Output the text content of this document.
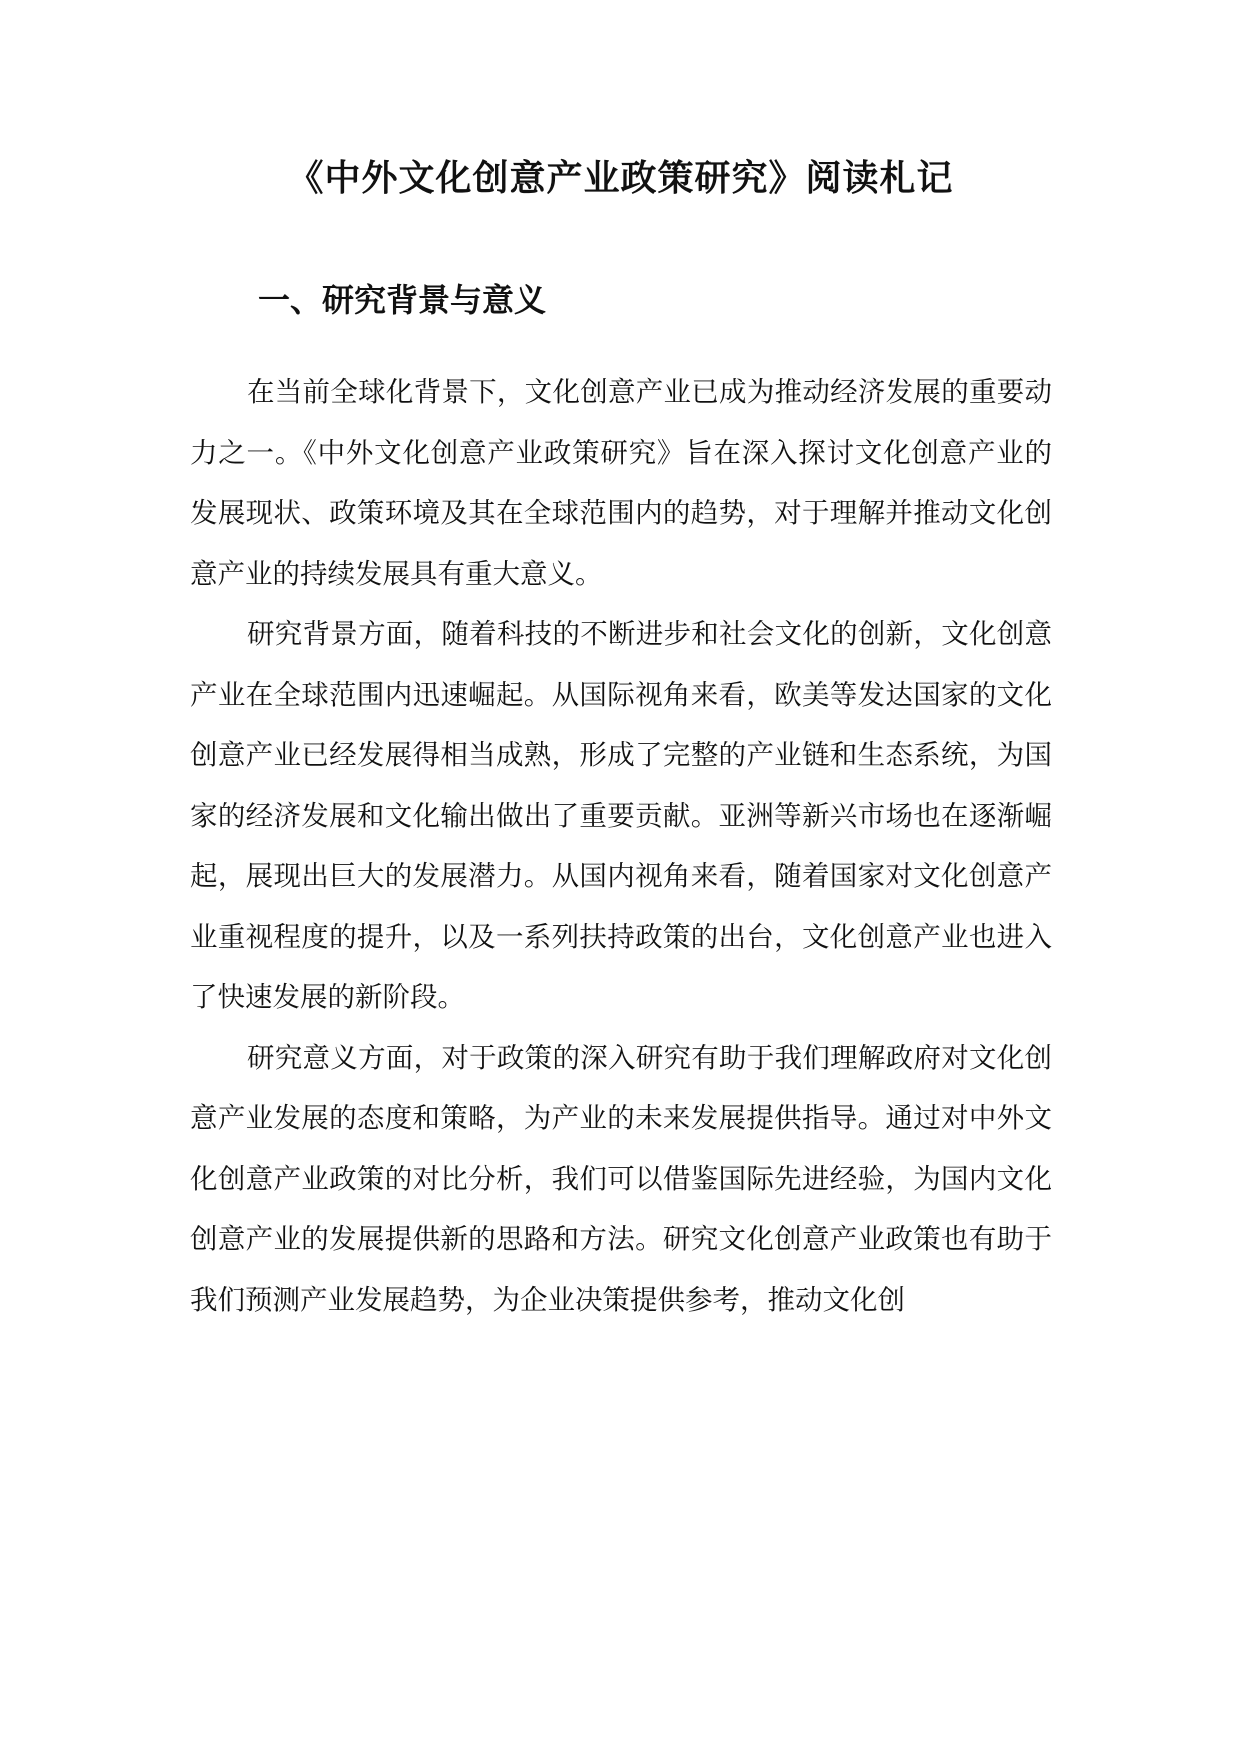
《中外文化创意产业政策研究》阅读札记
一、研究背景与意义

在当前全球化背景下，文化创意产业已成为推动经济发展的重要动力之一。《中外文化创意产业政策研究》旨在深入探讨文化创意产业的发展现状、政策环境及其在全球范围内的趋势，对于理解并推动文化创意产业的持续发展具有重大意义。

研究背景方面，随着科技的不断进步和社会文化的创新，文化创意产业在全球范围内迅速崛起。从国际视角来看，欧美等发达国家的文化创意产业已经发展得相当成熟，形成了完整的产业链和生态系统，为国家的经济发展和文化输出做出了重要贡献。亚洲等新兴市场也在逐渐崛起，展现出巨大的发展潜力。从国内视角来看，随着国家对文化创意产业重视程度的提升，以及一系列扶持政策的出台，文化创意产业也进入了快速发展的新阶段。

研究意义方面，对于政策的深入研究有助于我们理解政府对文化创意产业发展的态度和策略，为产业的未来发展提供指导。通过对中外文化创意产业政策的对比分析，我们可以借鉴国际先进经验，为国内文化创意产业的发展提供新的思路和方法。研究文化创意产业政策也有助于我们预测产业发展趋势，为企业决策提供参考，推动文化创
